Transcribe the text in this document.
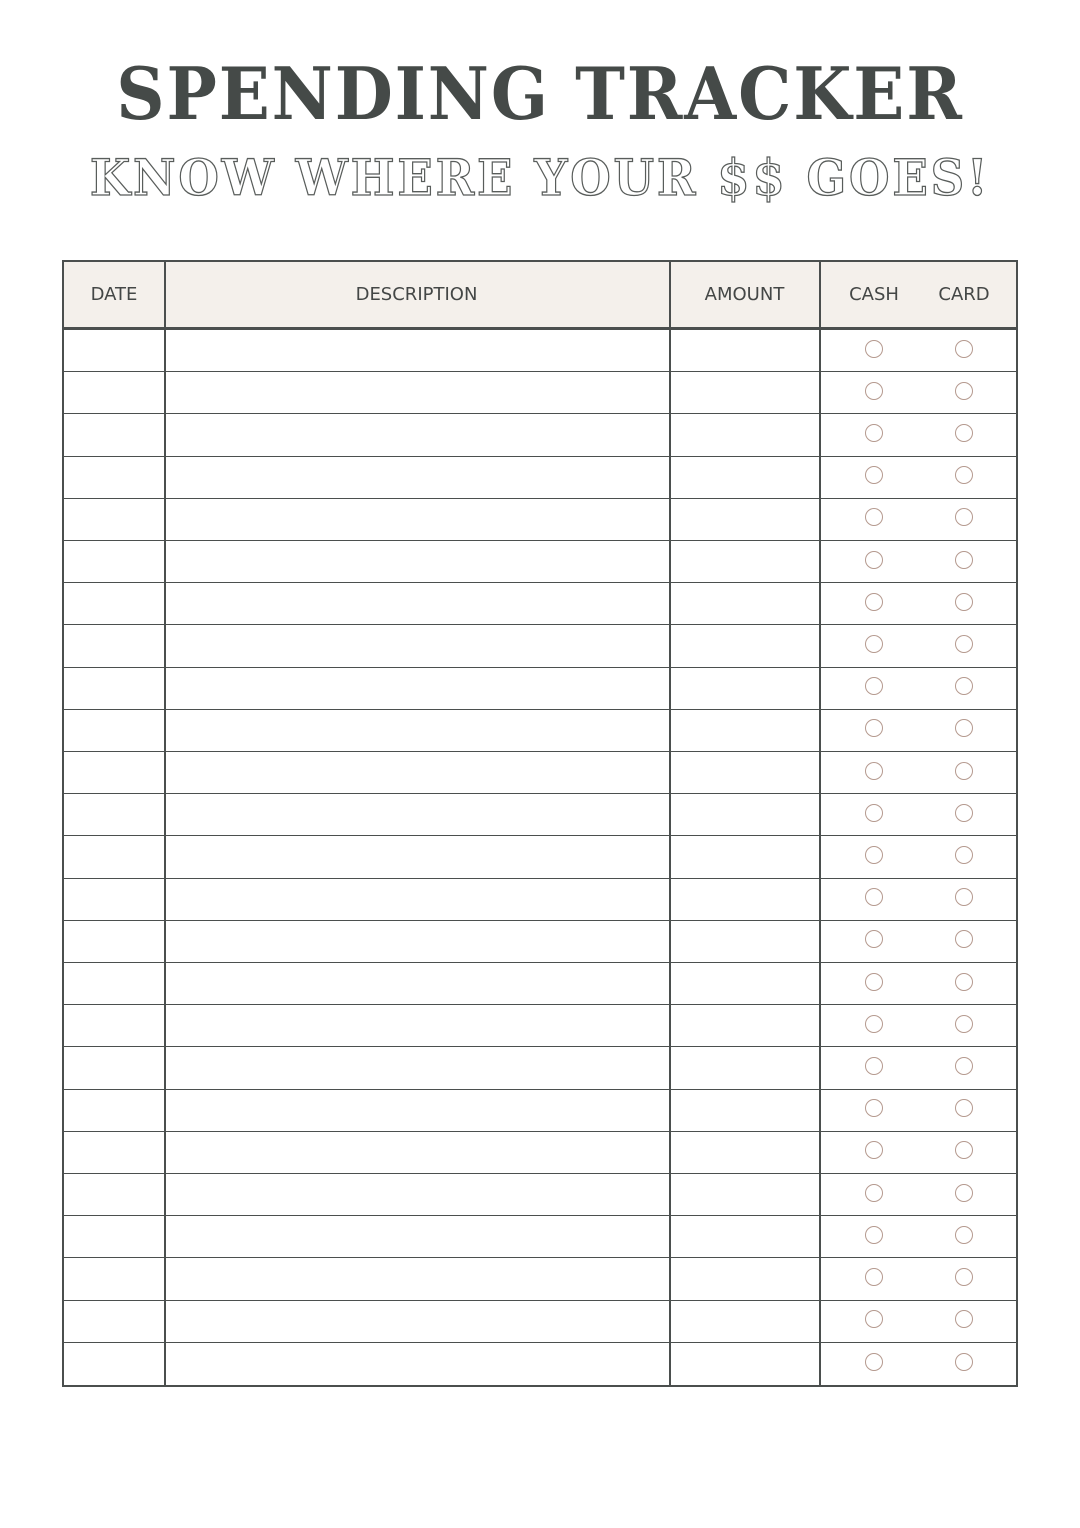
SPENDING TRACKER
KNOW WHERE YOUR $$ GOES!
DATE	DESCRIPTION	AMOUNT	CASH	CARD
